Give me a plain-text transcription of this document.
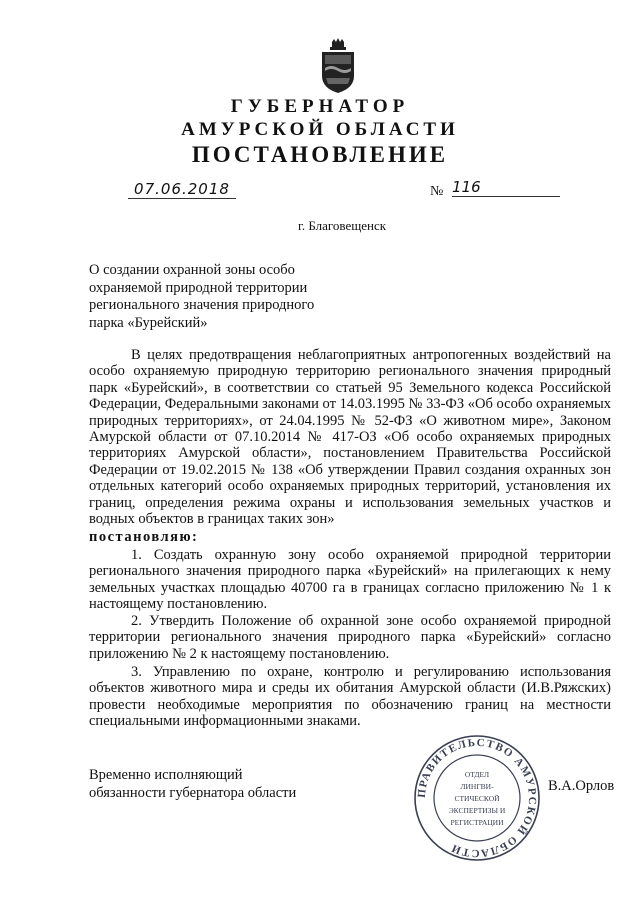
ГУБЕРНАТОР
АМУРСКОЙ ОБЛАСТИ
ПОСТАНОВЛЕНИЕ
07.06.2018	№ 116
г. Благовещенск
О создании охранной зоны особо охраняемой природной территории регионального значения природного парка «Бурейский»
В целях предотвращения неблагоприятных антропогенных воздействий на особо охраняемую природную территорию регионального значения природный парк «Бурейский», в соответствии со статьей 95 Земельного кодекса Российской Федерации, Федеральными законами от 14.03.1995 № 33-ФЗ «Об особо охраняемых природных территориях», от 24.04.1995 № 52-ФЗ «О животном мире», Законом Амурской области от 07.10.2014 № 417-ОЗ «Об особо охраняемых природных территориях Амурской области», постановлением Правительства Российской Федерации от 19.02.2015 № 138 «Об утверждении Правил создания охранных зон отдельных категорий особо охраняемых природных территорий, установления их границ, определения режима охраны и использования земельных участков и водных объектов в границах таких зон»
постановляю:
1. Создать охранную зону особо охраняемой природной территории регионального значения природного парка «Бурейский» на прилегающих к нему земельных участках площадью 40700 га в границах согласно приложению № 1 к настоящему постановлению.
2. Утвердить Положение об охранной зоне особо охраняемой природной территории регионального значения природного парка «Бурейский» согласно приложению № 2 к настоящему постановлению.
3. Управлению по охране, контролю и регулированию использования объектов животного мира и среды их обитания Амурской области (И.В.Ряжских) провести необходимые мероприятия по обозначению границ на местности специальными информационными знаками.
Временно исполняющий
обязанности губернатора области	ПРАВИТЕЛЬСТВО АМУРСКОЙ ОБЛАСТИ
ОТДЕЛ
ЛИНГВИ-
СТИЧЕСКОЙ
ЭКСПЕРТИЗЫ И
РЕГИСТРАЦИИ
В.А.Орлов
